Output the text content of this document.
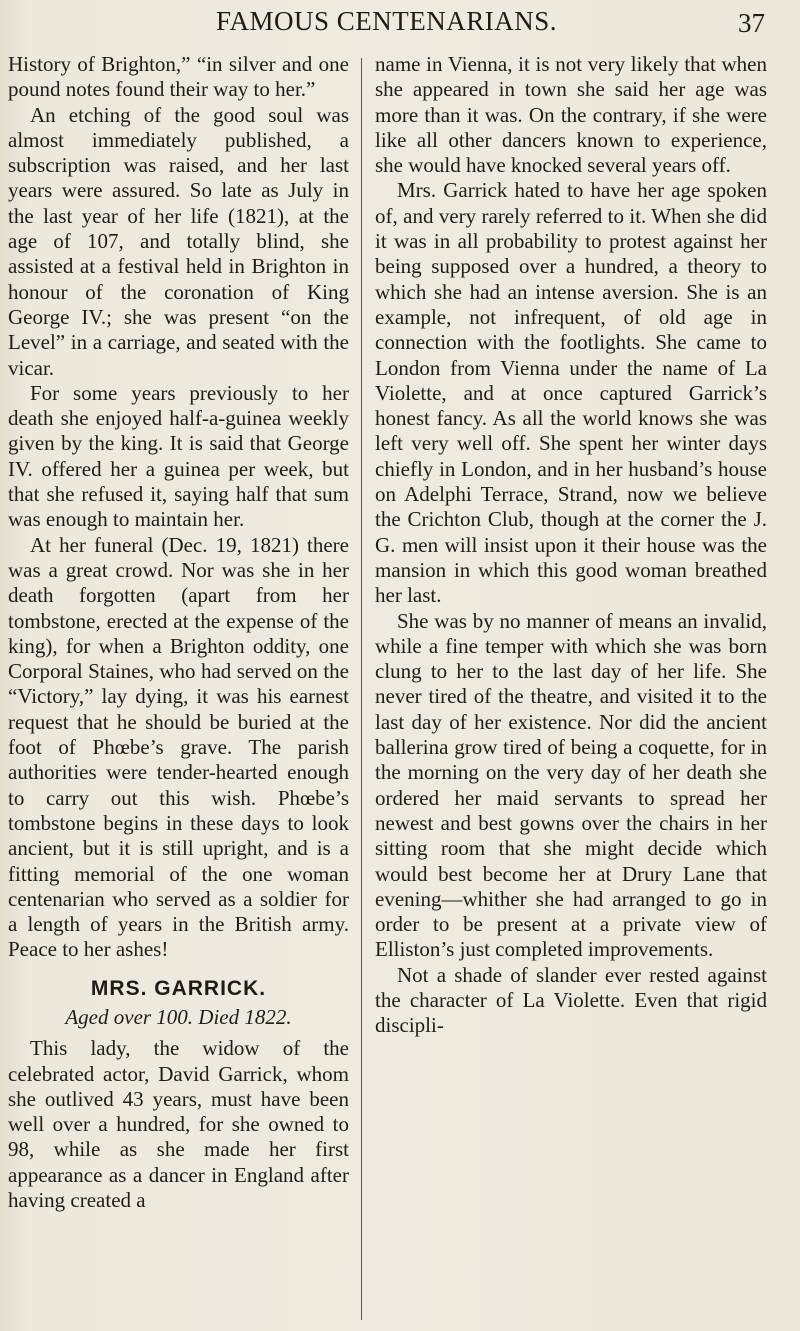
FAMOUS CENTENARIANS.	37

History of Brighton,” “in silver and one pound notes found their way to her.”

An etching of the good soul was almost immediately published, a subscription was raised, and her last years were assured. So late as July in the last year of her life (1821), at the age of 107, and totally blind, she assisted at a festival held in Brighton in honour of the coronation of King George IV.; she was present “on the Level” in a carriage, and seated with the vicar.

For some years previously to her death she enjoyed half-a-guinea weekly given by the king. It is said that George IV. offered her a guinea per week, but that she refused it, saying half that sum was enough to maintain her.

At her funeral (Dec. 19, 1821) there was a great crowd. Nor was she in her death forgotten (apart from her tombstone, erected at the expense of the king), for when a Brighton oddity, one Corporal Staines, who had served on the “Victory,” lay dying, it was his earnest request that he should be buried at the foot of Phœbe’s grave. The parish authorities were tender-hearted enough to carry out this wish. Phœbe’s tombstone begins in these days to look ancient, but it is still upright, and is a fitting memorial of the one woman centenarian who served as a soldier for a length of years in the British army. Peace to her ashes!

MRS. GARRICK.
Aged over 100. Died 1822.

This lady, the widow of the celebrated actor, David Garrick, whom she outlived 43 years, must have been well over a hundred, for she owned to 98, while as she made her first appearance as a dancer in England after having created a

name in Vienna, it is not very likely that when she appeared in town she said her age was more than it was. On the contrary, if she were like all other dancers known to experience, she would have knocked several years off.

Mrs. Garrick hated to have her age spoken of, and very rarely referred to it. When she did it was in all probability to protest against her being supposed over a hundred, a theory to which she had an intense aversion. She is an example, not infrequent, of old age in connection with the footlights. She came to London from Vienna under the name of La Violette, and at once captured Garrick’s honest fancy. As all the world knows she was left very well off. She spent her winter days chiefly in London, and in her husband’s house on Adelphi Terrace, Strand, now we believe the Crichton Club, though at the corner the J. G. men will insist upon it their house was the mansion in which this good woman breathed her last.

She was by no manner of means an invalid, while a fine temper with which she was born clung to her to the last day of her life. She never tired of the theatre, and visited it to the last day of her existence. Nor did the ancient ballerina grow tired of being a coquette, for in the morning on the very day of her death she ordered her maid servants to spread her newest and best gowns over the chairs in her sitting room that she might decide which would best become her at Drury Lane that evening—whither she had arranged to go in order to be present at a private view of Elliston’s just completed improvements.

Not a shade of slander ever rested against the character of La Violette. Even that rigid discipli-
